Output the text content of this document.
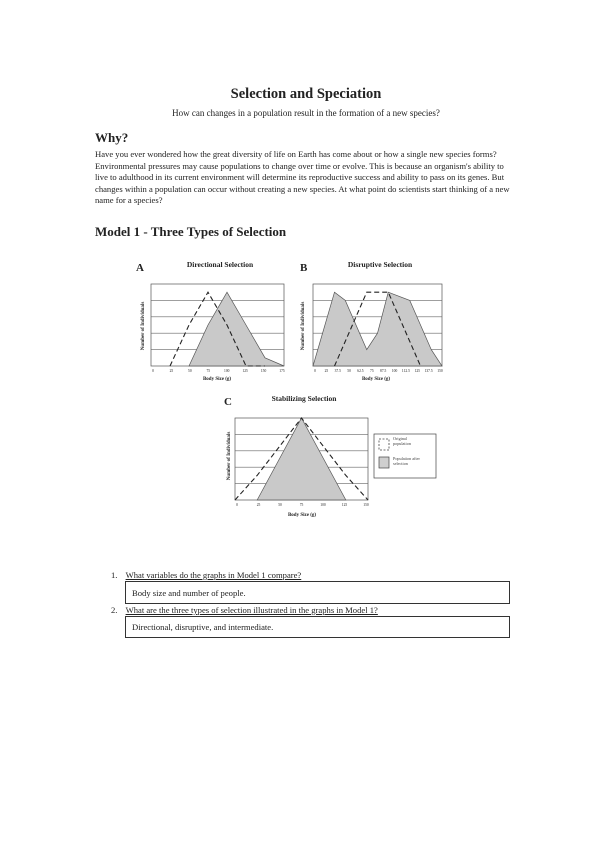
Selection and Speciation
How can changes in a population result in the formation of a new species?
Why?
Have you ever wondered how the great diversity of life on Earth has come about or how a single new species forms? Environmental pressures may cause populations to change over time or evolve. This is because an organism's ability to live to adulthood in its current environment will determine its reproductive success and ability to pass on its genes. But changes within a population can occur without creating a new species. At what point do scientists start thinking of a new name for a species?
Model 1 - Three Types of Selection
0	25	50	75	100	125	150	175
A	Directional Selection
Number of Individuals
Body Size (g)
0 25 37.5 50 62.5 75 87.5 100 112.5 125 137.5 150
B	Disruptive Selection
Number of Individuals
Body Size (g)
0	25	50	75	100	125	150
C	Stabilizing Selection
Number of Individuals
Body Size (g)
Original population
Population after selection
1. What variables do the graphs in Model 1 compare?
Body size and number of people.
2. What are the three types of selection illustrated in the graphs in Model 1?
Directional, disruptive, and intermediate.
